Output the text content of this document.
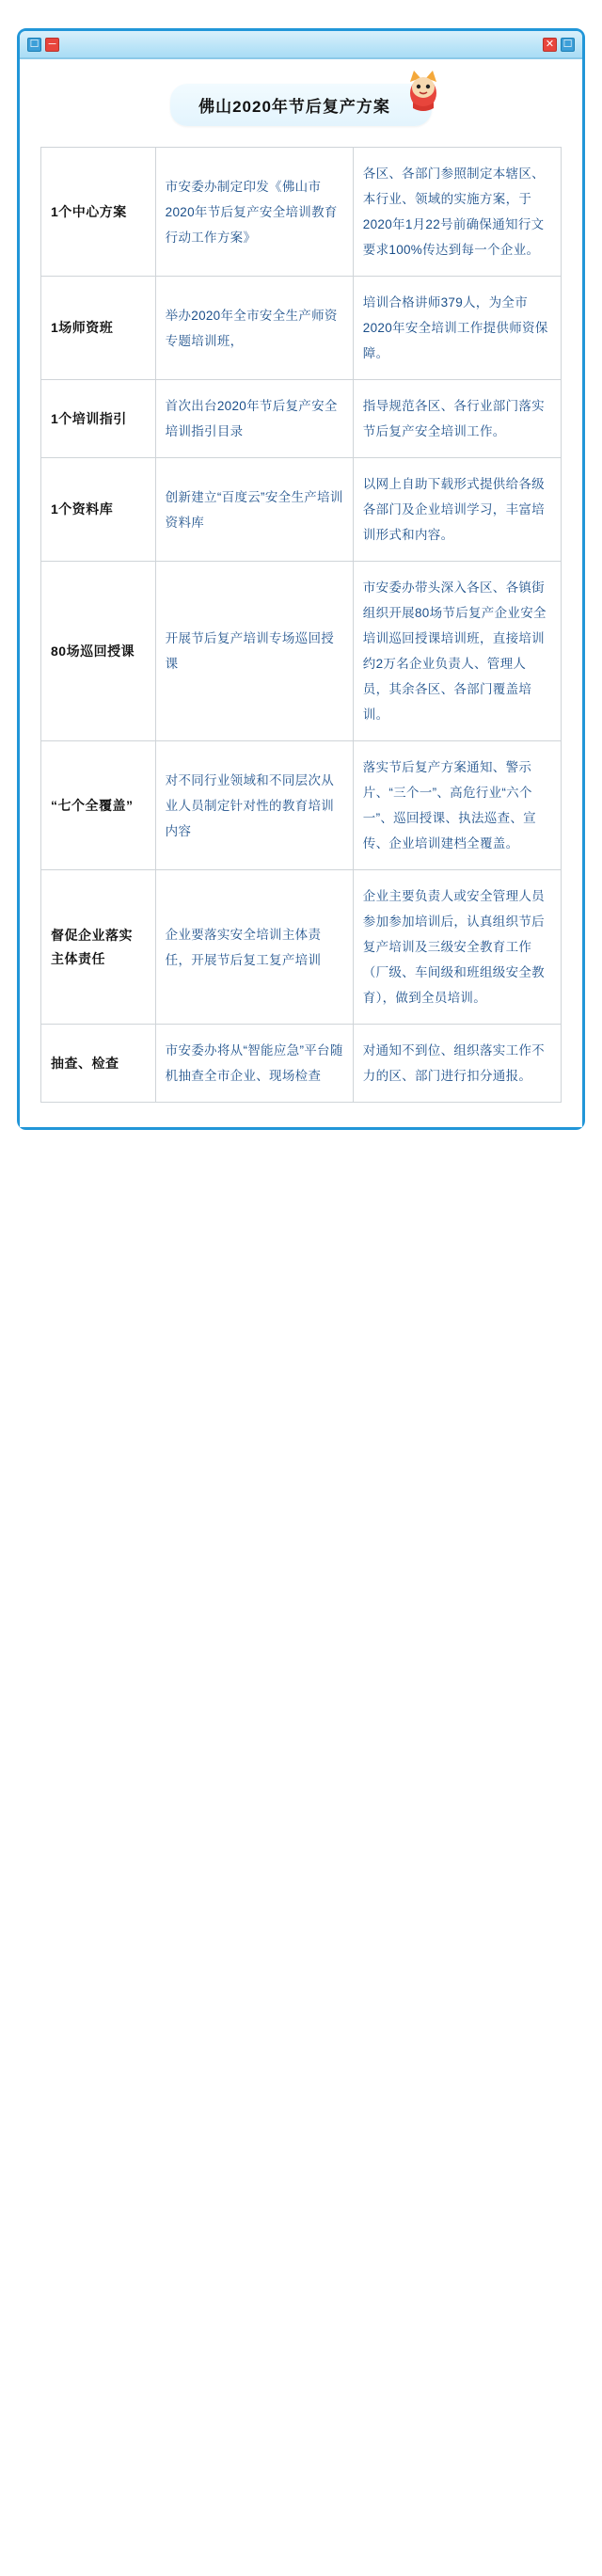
☐ ─	✕ ☐
佛山2020年节后复产方案
1个中心方案	市安委办制定印发《佛山市2020年节后复产安全培训教育行动工作方案》	各区、各部门参照制定本辖区、本行业、领域的实施方案，于2020年1月22号前确保通知行文要求100%传达到每一个企业。
1场师资班	举办2020年全市安全生产师资专题培训班，	培训合格讲师379人，为全市2020年安全培训工作提供师资保障。
1个培训指引	首次出台2020年节后复产安全培训指引目录	指导规范各区、各行业部门落实节后复产安全培训工作。
1个资料库	创新建立“百度云”安全生产培训资料库	以网上自助下载形式提供给各级各部门及企业培训学习，丰富培训形式和内容。
80场巡回授课	开展节后复产培训专场巡回授课	市安委办带头深入各区、各镇街组织开展80场节后复产企业安全培训巡回授课培训班，直接培训约2万名企业负责人、管理人员，其余各区、各部门覆盖培训。
“七个全覆盖”	对不同行业领域和不同层次从业人员制定针对性的教育培训内容	落实节后复产方案通知、警示片、“三个一”、高危行业“六个一”、巡回授课、执法巡查、宣传、企业培训建档全覆盖。
督促企业落实主体责任	企业要落实安全培训主体责任，开展节后复工复产培训	企业主要负责人或安全管理人员参加参加培训后，认真组织节后复产培训及三级安全教育工作（厂级、车间级和班组级安全教育），做到全员培训。
抽查、检查	市安委办将从“智能应急”平台随机抽查全市企业、现场检查	对通知不到位、组织落实工作不力的区、部门进行扣分通报。
